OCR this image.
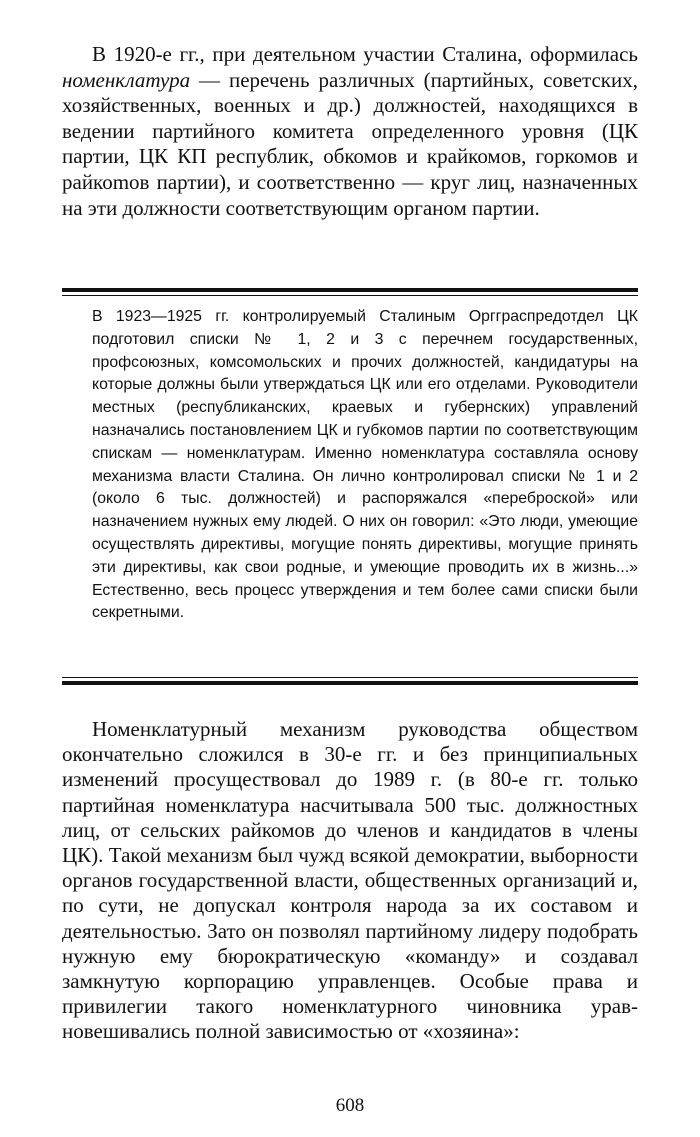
В 1920-е гг., при деятельном участии Сталина, оформилась номенклатура — перечень различных (партийных, советских, хозяйственных, военных и др.) должностей, находящихся в ведении партийного комитета определенного уровня (ЦК партии, ЦК КП республик, обкомов и крайкомов, горкомов и райкоmов партии), и соответственно — круг лиц, назначенных на эти должности соответствующим органом партии.

В 1923—1925 гг. контролируемый Сталиным Оргграспредотдел ЦК подготовил списки № 1, 2 и 3 с перечнем государственных, профсоюзных, комсомольских и прочих должностей, кандидатуры на которые должны были утверждаться ЦК или его отделами. Руководители местных (республиканских, краевых и губернских) управлений назначались постановлением ЦК и губкомов партии по соответствующим спискам — номенклатурам. Именно номенклатура составляла основу механизма власти Сталина. Он лично контролировал списки № 1 и 2 (около 6 тыс. должностей) и распоряжался «переброской» или назначением нужных ему людей. О них он говорил: «Это люди, умеющие осуществлять директивы, могущие понять директивы, могущие принять эти директивы, как свои родные, и умеющие проводить их в жизнь...» Естественно, весь процесс утверждения и тем более сами списки были секретными.

Номенклатурный механизм руководства обществом окончательно сложился в 30-е гг. и без принципиальных изменений просуществовал до 1989 г. (в 80-е гг. только партийная номенклатура насчитывала 500 тыс. должностных лиц, от сельских райкомов до членов и кандидатов в члены ЦК). Такой механизм был чужд всякой демократии, выборности органов государственной власти, общественных организаций и, по сути, не допускал контроля народа за их составом и деятельностью. Зато он позволял партийному лидеру подобрать нужную ему бюрократическую «команду» и создавал замкнутую корпорацию управленцев. Особые права и привилегии такого номенклатурного чиновника уравновешивались полной зависимостью от «хозяина»:

608
